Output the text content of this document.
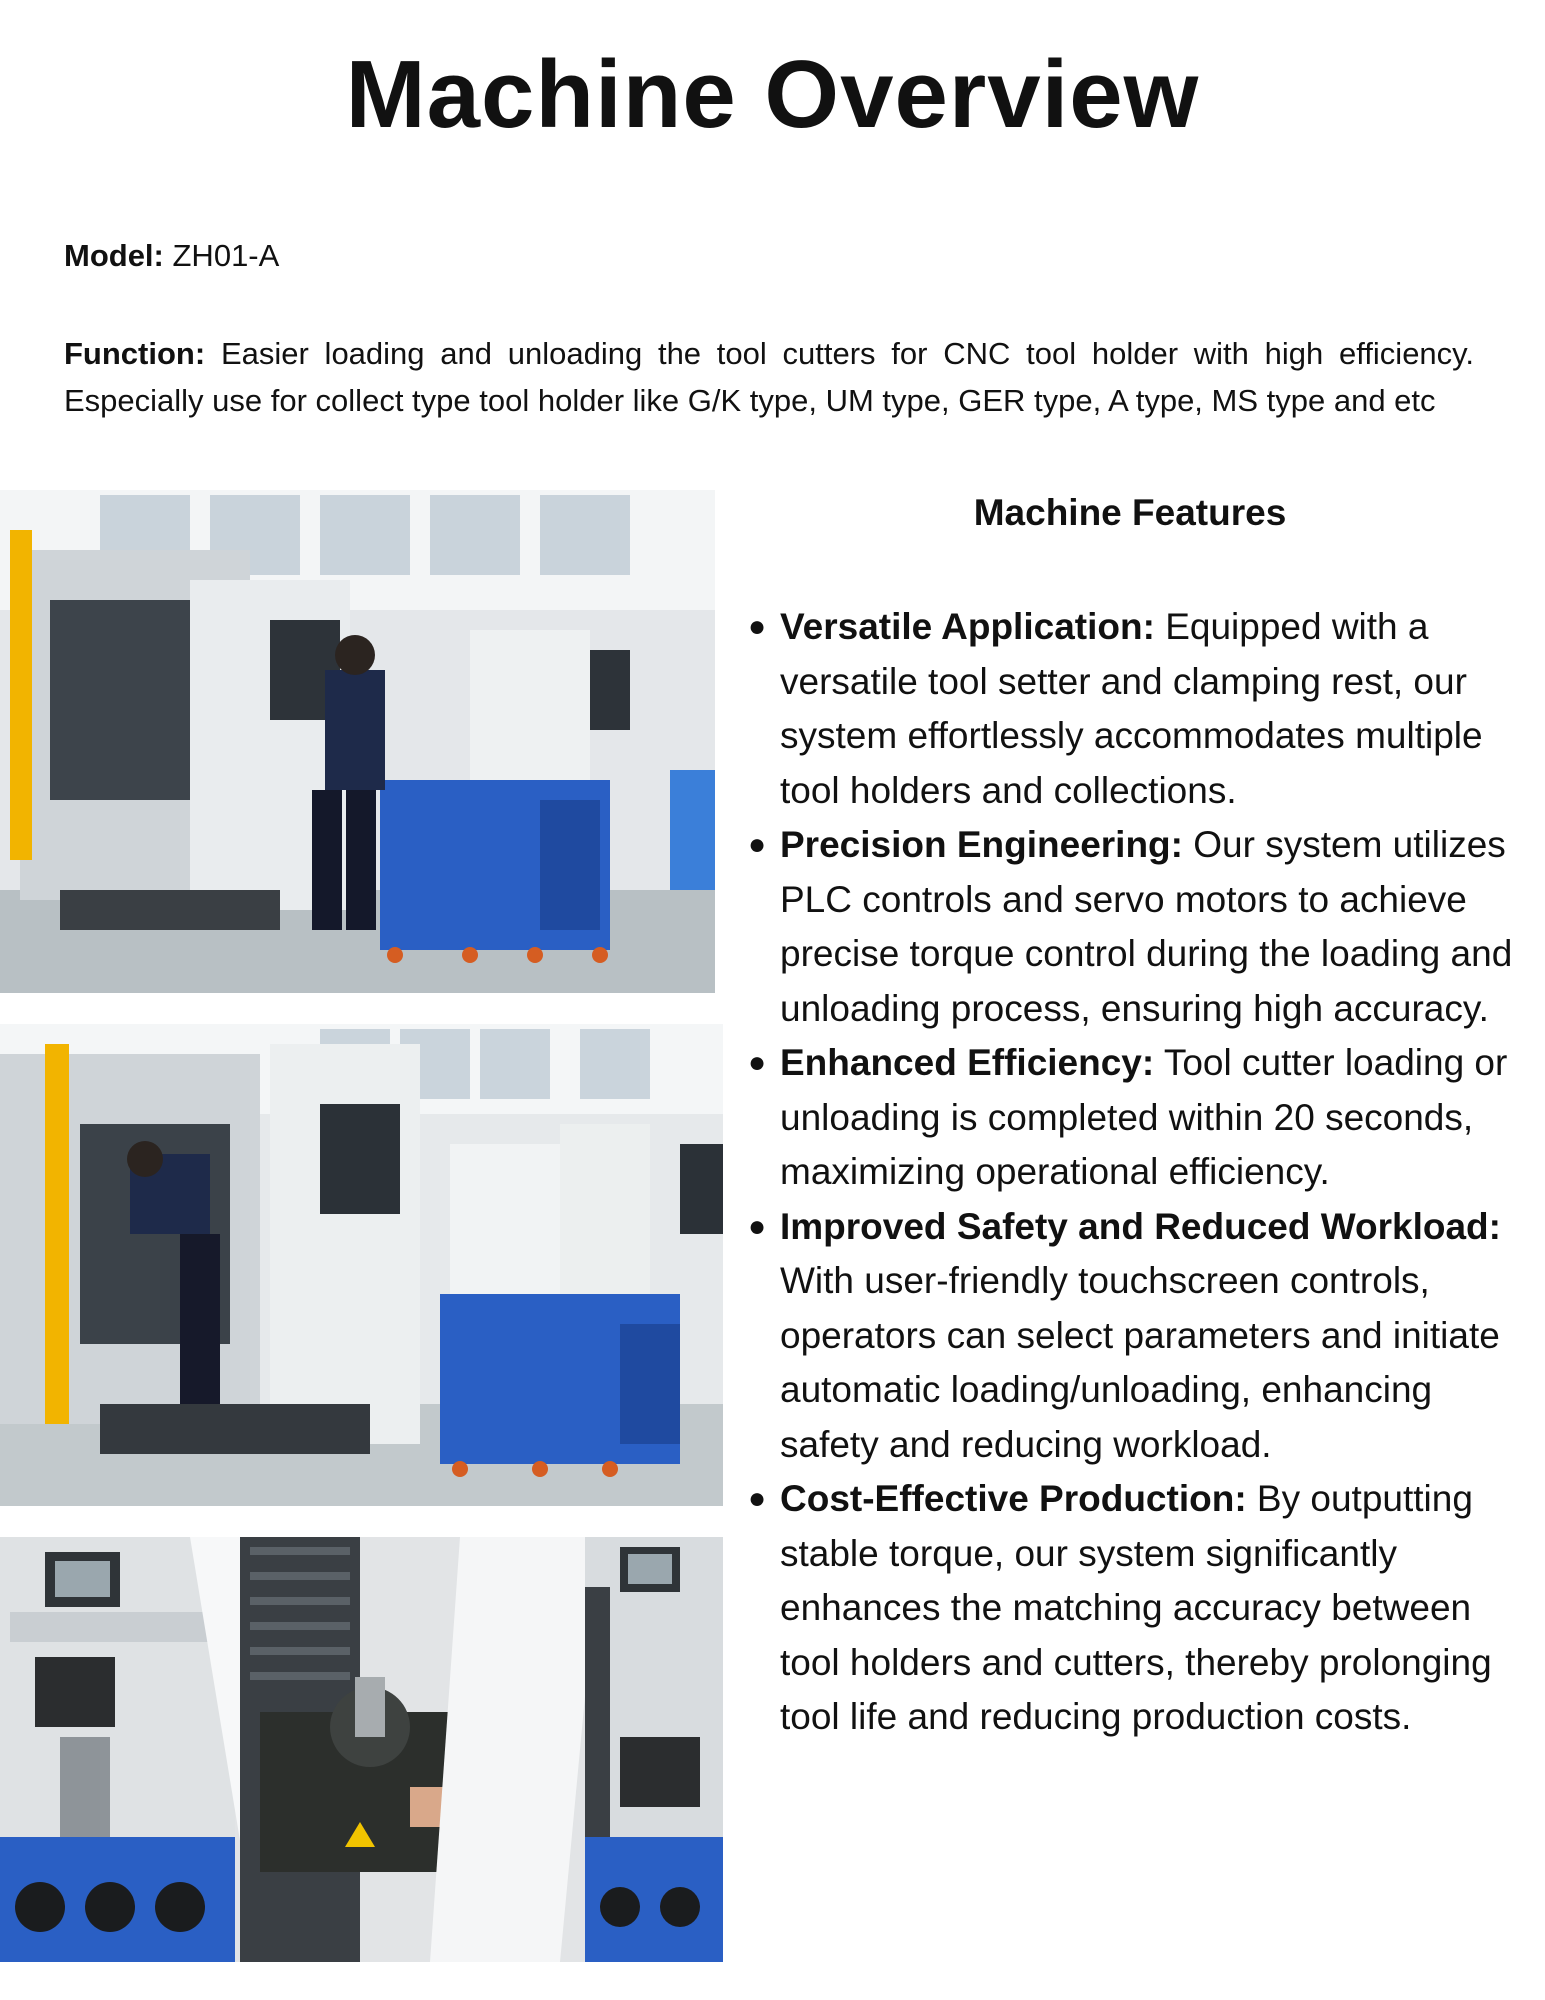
Machine Overview
Model: ZH01-A
Function: Easier loading and unloading the tool cutters for CNC tool holder with high efficiency. Especially use for collect type tool holder like G/K type, UM type, GER type, A type, MS type and etc
Machine Features
● Versatile Application: Equipped with a versatile tool setter and clamping rest, our system effortlessly accommodates multiple tool holders and collections.
● Precision Engineering: Our system utilizes PLC controls and servo motors to achieve precise torque control during the loading and unloading process, ensuring high accuracy.
● Enhanced Efficiency: Tool cutter loading or unloading is completed within 20 seconds, maximizing operational efficiency.
● Improved Safety and Reduced Workload: With user-friendly touchscreen controls, operators can select parameters and initiate automatic loading/unloading, enhancing safety and reducing workload.
● Cost-Effective Production: By outputting stable torque, our system significantly enhances the matching accuracy between tool holders and cutters, thereby prolonging tool life and reducing production costs.
